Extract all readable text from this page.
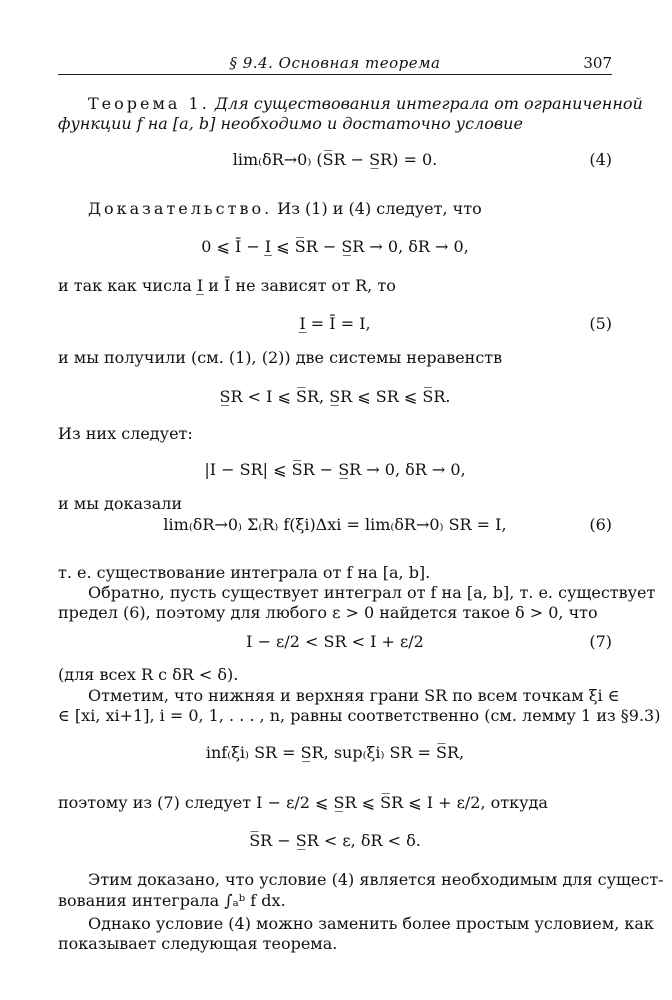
§ 9.4. Основная теорема	307
Теорема 1. Для существования интеграла от ограниченной
функции f на [a, b] необходимо и достаточно условие
lim₍δR→0₎ (S̅R − S̲R) = 0.	(4)
Доказательство. Из (1) и (4) следует, что
0 ⩽ Ī − I̲ ⩽ S̅R − S̲R → 0, δR → 0,
и так как числа I̲ и Ī не зависят от R, то
I̲ = Ī = I,	(5)
и мы получили (см. (1), (2)) две системы неравенств
S̲R < I ⩽ S̅R, S̲R ⩽ SR ⩽ S̅R.
Из них следует:
|I − SR| ⩽ S̅R − S̲R → 0, δR → 0,
и мы доказали
lim₍δR→0₎ Σ₍R₎ f(ξi)Δxi = lim₍δR→0₎ SR = I,	(6)
т. е. существование интеграла от f на [a, b].
Обратно, пусть существует интеграл от f на [a, b], т. е. существует
предел (6), поэтому для любого ε > 0 найдется такое δ > 0, что
I − ε/2 < SR < I + ε/2	(7)
(для всех R с δR < δ).
Отметим, что нижняя и верхняя грани SR по всем точкам ξi ∈
∈ [xi, xi+1], i = 0, 1, . . . , n, равны соответственно (см. лемму 1 из §9.3)
inf₍ξi₎ SR = S̲R, sup₍ξi₎ SR = S̅R,
поэтому из (7) следует I − ε/2 ⩽ S̲R ⩽ S̅R ⩽ I + ε/2, откуда
S̅R − S̲R < ε, δR < δ.
Этим доказано, что условие (4) является необходимым для сущест-
вования интеграла ∫ₐᵇ f dx.
Однако условие (4) можно заменить более простым условием, как
показывает следующая теорема.
